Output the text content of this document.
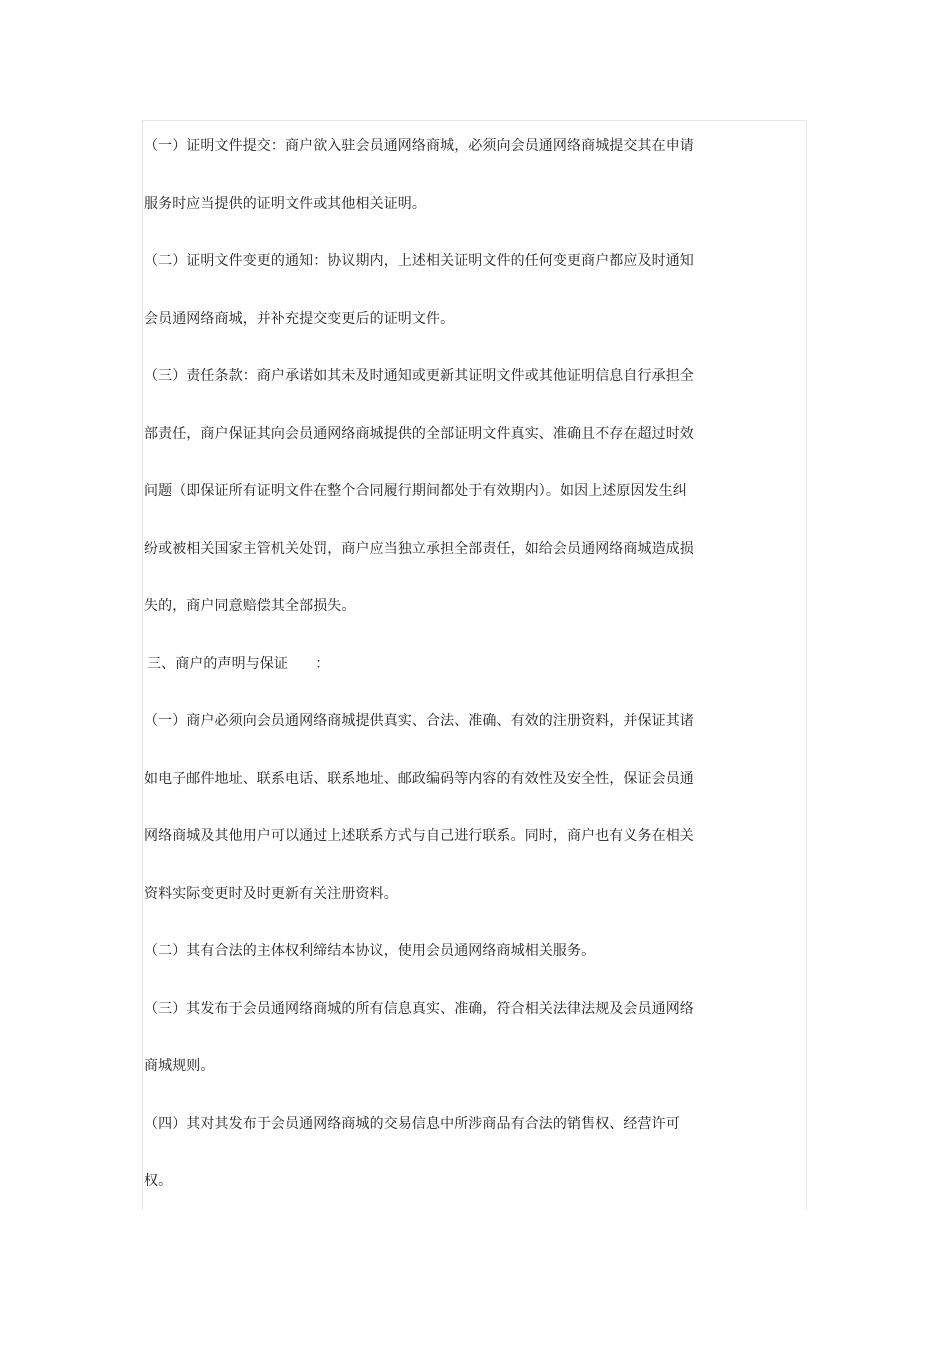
（一）证明文件提交：商户欲入驻会员通网络商城，必须向会员通网络商城提交其在申请
服务时应当提供的证明文件或其他相关证明。
（二）证明文件变更的通知：协议期内，上述相关证明文件的任何变更商户都应及时通知
会员通网络商城，并补充提交变更后的证明文件。
（三）责任条款：商户承诺如其未及时通知或更新其证明文件或其他证明信息自行承担全
部责任，商户保证其向会员通网络商城提供的全部证明文件真实、准确且不存在超过时效
问题（即保证所有证明文件在整个合同履行期间都处于有效期内）。如因上述原因发生纠
纷或被相关国家主管机关处罚，商户应当独立承担全部责任，如给会员通网络商城造成损
失的，商户同意赔偿其全部损失。
三、商户的声明与保证      ：
（一）商户必须向会员通网络商城提供真实、合法、准确、有效的注册资料，并保证其诸
如电子邮件地址、联系电话、联系地址、邮政编码等内容的有效性及安全性，保证会员通
网络商城及其他用户可以通过上述联系方式与自己进行联系。同时，商户也有义务在相关
资料实际变更时及时更新有关注册资料。
（二）其有合法的主体权利缔结本协议，使用会员通网络商城相关服务。
（三）其发布于会员通网络商城的所有信息真实、准确，符合相关法律法规及会员通网络
商城规则。
（四）其对其发布于会员通网络商城的交易信息中所涉商品有合法的销售权、经营许可
权。
